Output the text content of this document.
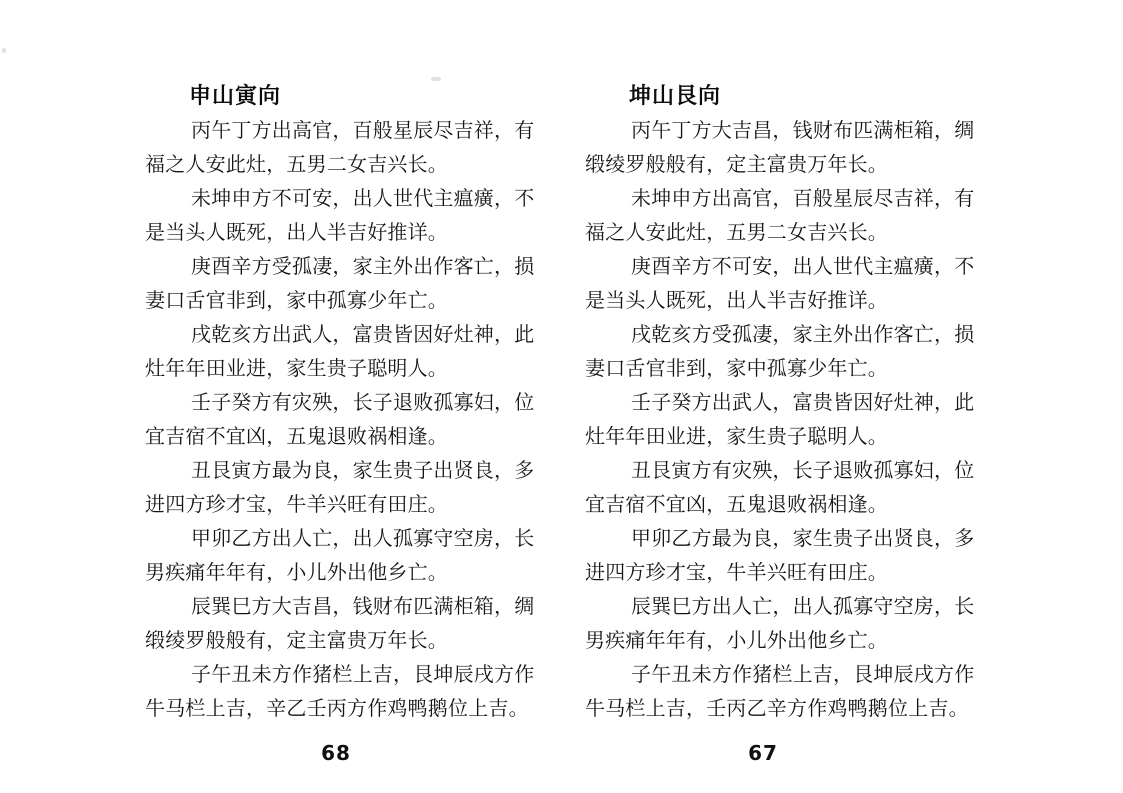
申山寅向
丙午丁方出高官，百般星辰尽吉祥，有
福之人安此灶，五男二女吉兴长。
未坤申方不可安，出人世代主瘟癀，不
是当头人既死，出人半吉好推详。
庚酉辛方受孤凄，家主外出作客亡，损
妻口舌官非到，家中孤寡少年亡。
戌乾亥方出武人，富贵皆因好灶神，此
灶年年田业进，家生贵子聪明人。
壬子癸方有灾殃，长子退败孤寡妇，位
宜吉宿不宜凶，五鬼退败祸相逢。
丑艮寅方最为良，家生贵子出贤良，多
进四方珍才宝，牛羊兴旺有田庄。
甲卯乙方出人亡，出人孤寡守空房，长
男疾痛年年有，小儿外出他乡亡。
辰巽巳方大吉昌，钱财布匹满柜箱，绸
缎绫罗般般有，定主富贵万年长。
子午丑未方作猪栏上吉，艮坤辰戌方作
牛马栏上吉，辛乙壬丙方作鸡鸭鹅位上吉。
68
坤山艮向
丙午丁方大吉昌，钱财布匹满柜箱，绸
缎绫罗般般有，定主富贵万年长。
未坤申方出高官，百般星辰尽吉祥，有
福之人安此灶，五男二女吉兴长。
庚酉辛方不可安，出人世代主瘟癀，不
是当头人既死，出人半吉好推详。
戌乾亥方受孤凄，家主外出作客亡，损
妻口舌官非到，家中孤寡少年亡。
壬子癸方出武人，富贵皆因好灶神，此
灶年年田业进，家生贵子聪明人。
丑艮寅方有灾殃，长子退败孤寡妇，位
宜吉宿不宜凶，五鬼退败祸相逢。
甲卯乙方最为良，家生贵子出贤良，多
进四方珍才宝，牛羊兴旺有田庄。
辰巽巳方出人亡，出人孤寡守空房，长
男疾痛年年有，小儿外出他乡亡。
子午丑未方作猪栏上吉，艮坤辰戌方作
牛马栏上吉，壬丙乙辛方作鸡鸭鹅位上吉。
67
